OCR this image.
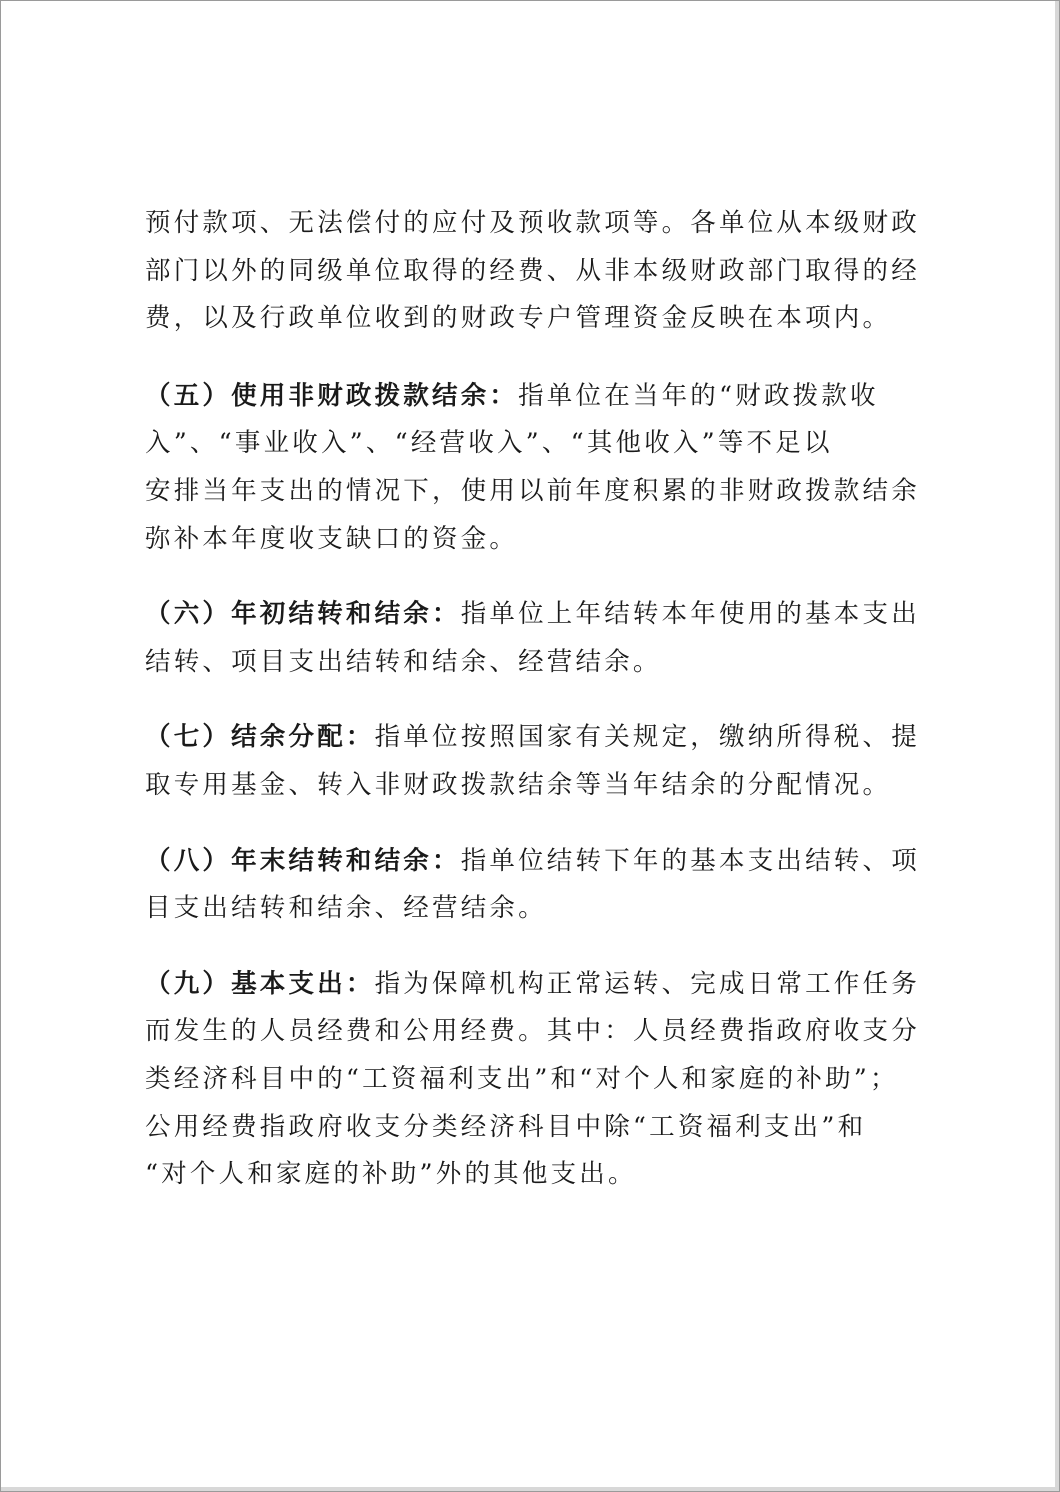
预付款项、无法偿付的应付及预收款项等。各单位从本级财政
部门以外的同级单位取得的经费、从非本级财政部门取得的经
费，以及行政单位收到的财政专户管理资金反映在本项内。

（五）使用非财政拨款结余：指单位在当年的“财政拨款收
入”、“事业收入”、“经营收入”、“其他收入”等不足以
安排当年支出的情况下，使用以前年度积累的非财政拨款结余
弥补本年度收支缺口的资金。

（六）年初结转和结余：指单位上年结转本年使用的基本支出
结转、项目支出结转和结余、经营结余。

（七）结余分配：指单位按照国家有关规定，缴纳所得税、提
取专用基金、转入非财政拨款结余等当年结余的分配情况。

（八）年末结转和结余：指单位结转下年的基本支出结转、项
目支出结转和结余、经营结余。

（九）基本支出：指为保障机构正常运转、完成日常工作任务
而发生的人员经费和公用经费。其中：人员经费指政府收支分
类经济科目中的“工资福利支出”和“对个人和家庭的补助”；
公用经费指政府收支分类经济科目中除“工资福利支出”和
“对个人和家庭的补助”外的其他支出。
